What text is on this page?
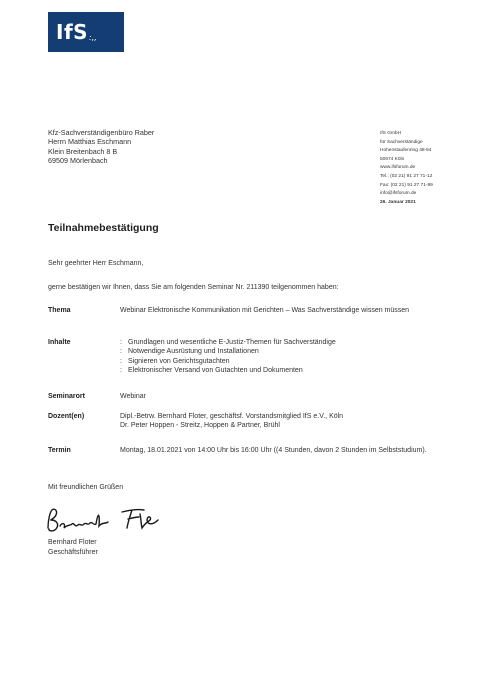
IfS :,,
Kfz-Sachverständigenbüro Raber
Herrn Matthias Eschmann
Klein Breitenbach 8 B
69509 Mörlenbach
IfS GmbH
für Sachverständige
Hohenstaufenring 48-54
50674 Köln
www.ifsforum.de
Tel.: (02 21) 91 27 71-12
Fax: (02 21) 91 27 71-99
info@ifsforum.de
26. Januar 2021
Teilnahmebestätigung
Sehr geehrter Herr Eschmann,
gerne bestätigen wir Ihnen, dass Sie am folgenden Seminar Nr. 211390 teilgenommen haben:
Thema	Webinar Elektronische Kommunikation mit Gerichten – Was Sachverständige wissen müssen
Inhalte	: Grundlagen und wesentliche E-Justiz-Themen für Sachverständige
: Notwendige Ausrüstung und Installationen
: Signieren von Gerichtsgutachten
: Elektronischer Versand von Gutachten und Dokumenten
Seminarort	Webinar
Dozent(en)	Dipl.-Betrw. Bernhard Floter, geschäftsf. Vorstandsmitglied IfS e.V., Köln
Dr. Peter Hoppen - Streitz, Hoppen & Partner, Brühl
Termin	Montag, 18.01.2021 von 14:00 Uhr bis 16:00 Uhr ((4 Stunden, davon 2 Stunden im Selbststudium).
Mit freundlichen Grüßen
Bernhard Floter
Geschäftsführer
